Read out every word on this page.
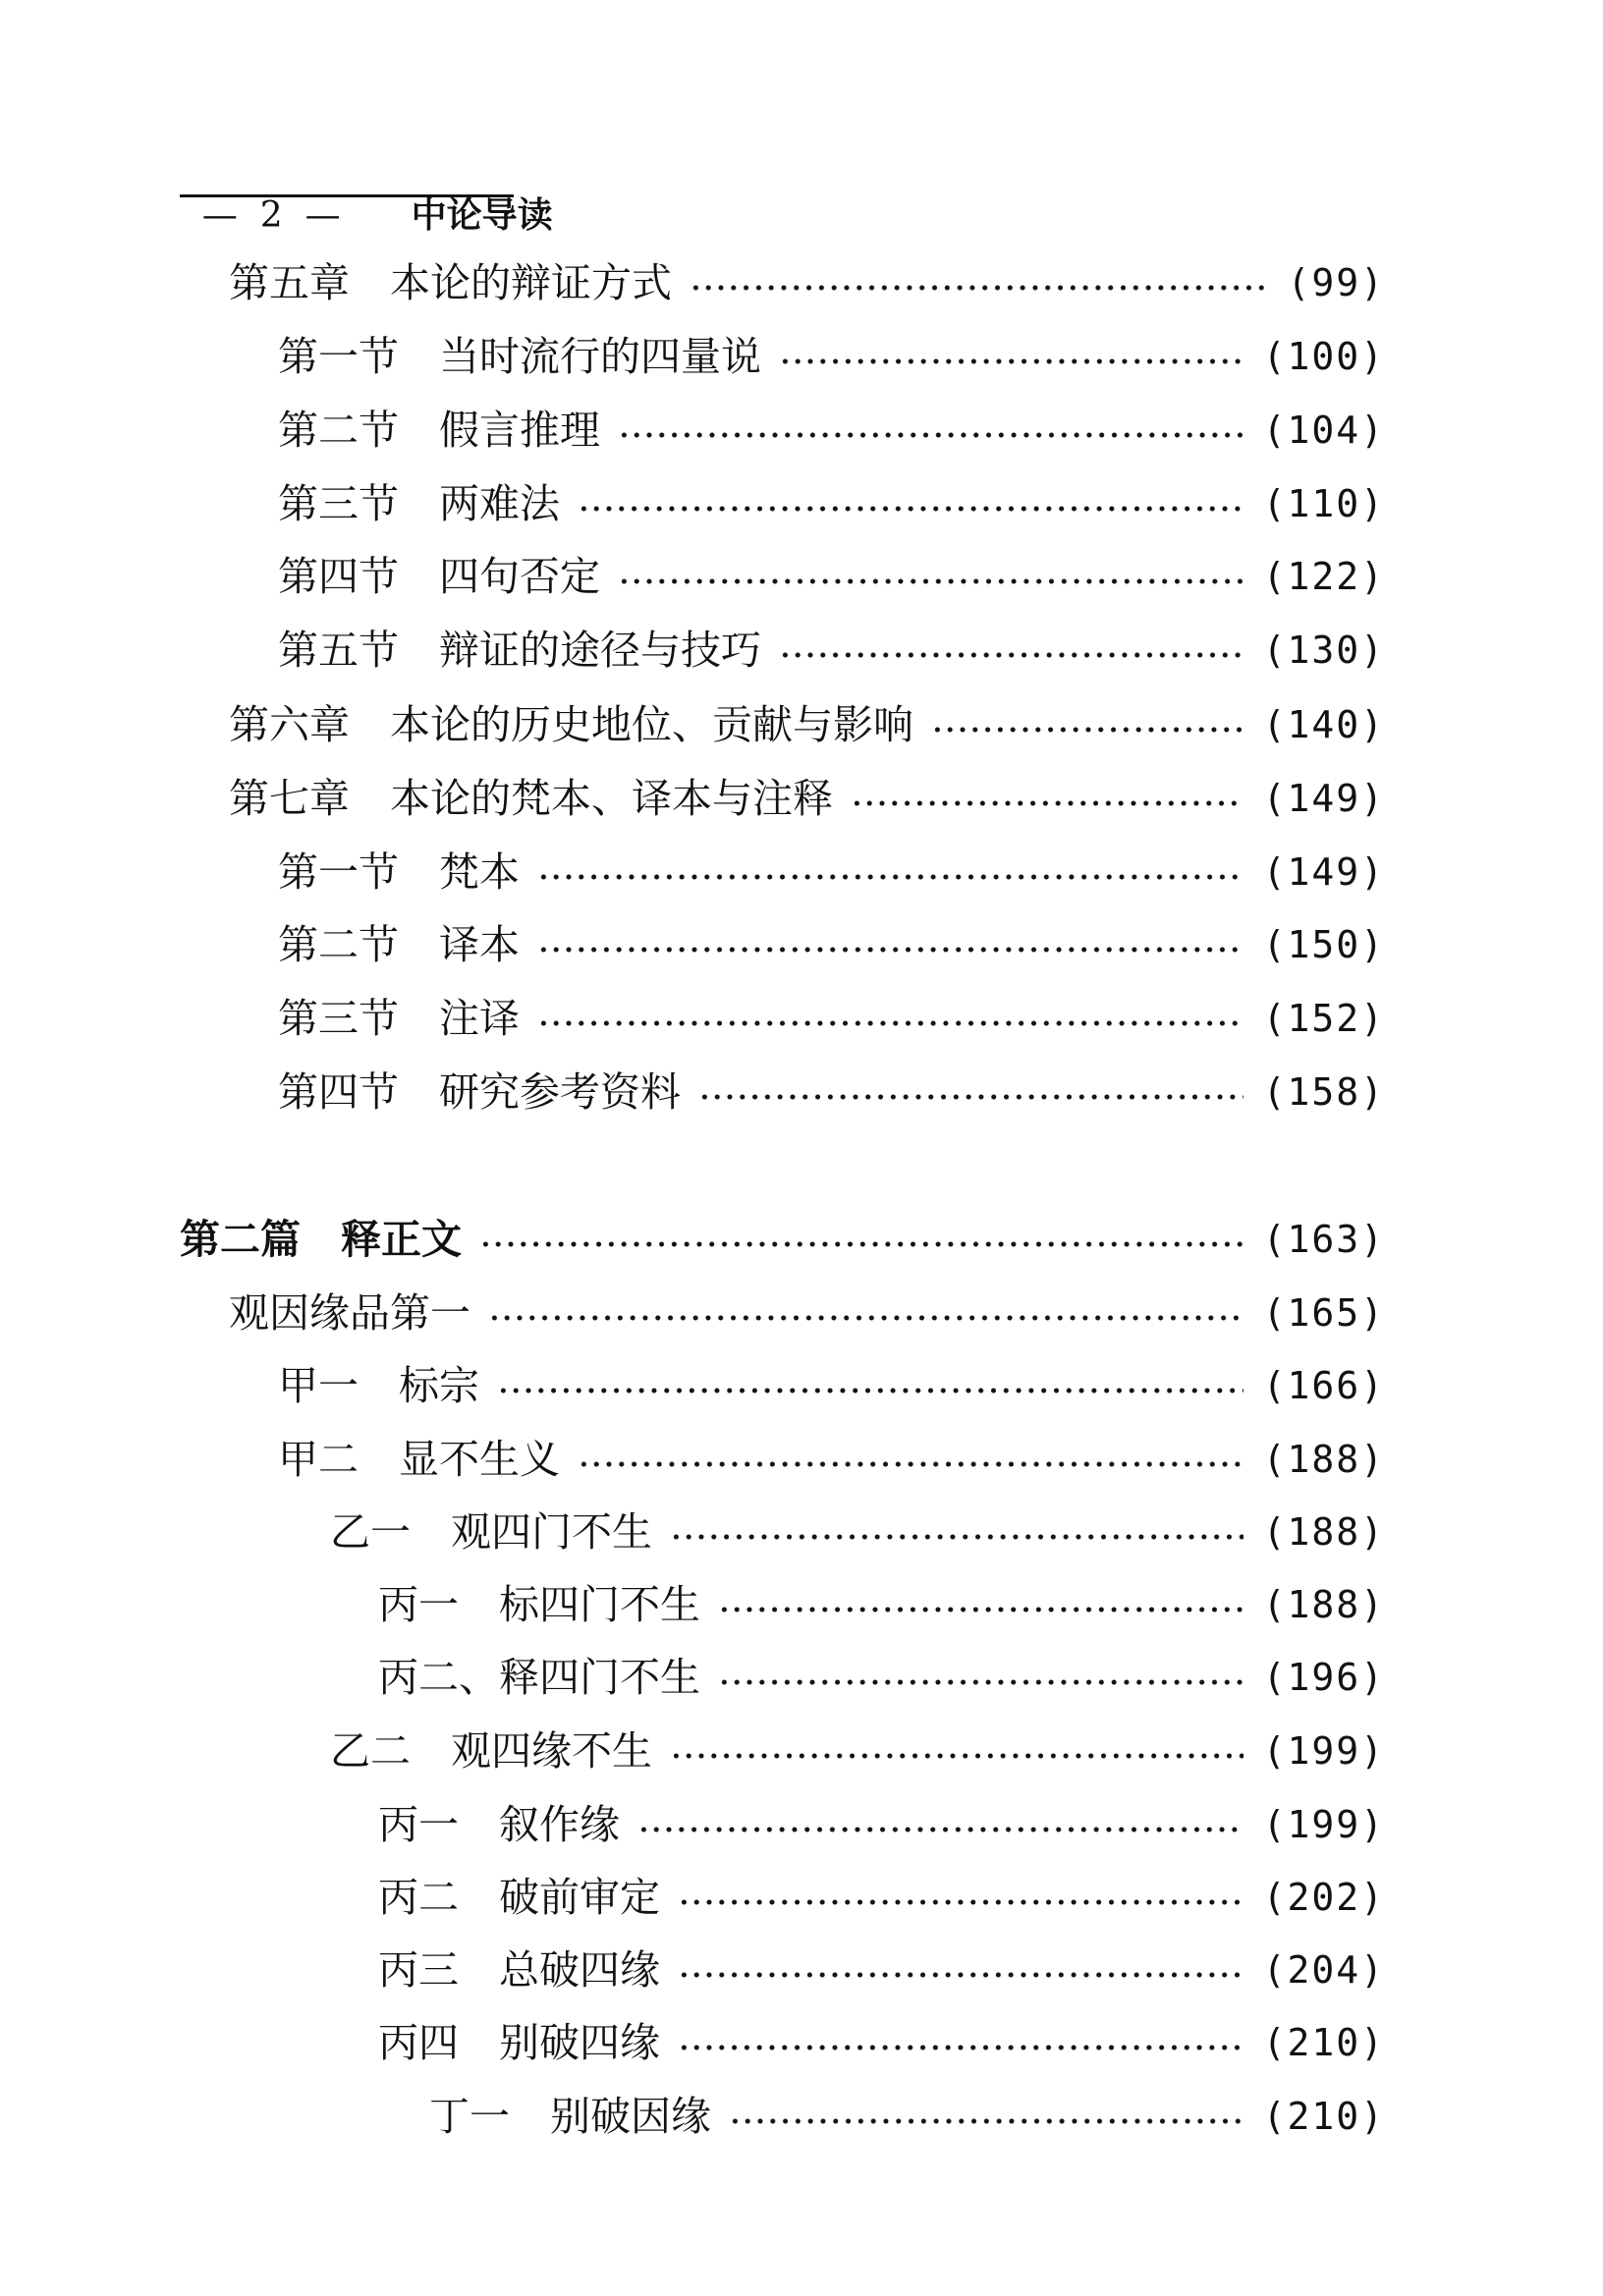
—  2  —　　 中论导读

第五章　本论的辩证方式	(99)
第一节　当时流行的四量说	(100)
第二节　假言推理	(104)
第三节　两难法	(110)
第四节　四句否定	(122)
第五节　辩证的途径与技巧	(130)
第六章　本论的历史地位、贡献与影响	(140)
第七章　本论的梵本、译本与注释	(149)
第一节　梵本	(149)
第二节　译本	(150)
第三节　注译	(152)
第四节　研究参考资料	(158)
第二篇　释正文	(163)
观因缘品第一	(165)
甲一　标宗	(166)
甲二　显不生义	(188)
乙一　观四门不生	(188)
丙一　标四门不生	(188)
丙二、释四门不生	(196)
乙二　观四缘不生	(199)
丙一　叙作缘	(199)
丙二　破前审定	(202)
丙三　总破四缘	(204)
丙四　别破四缘	(210)
丁一　别破因缘	(210)
